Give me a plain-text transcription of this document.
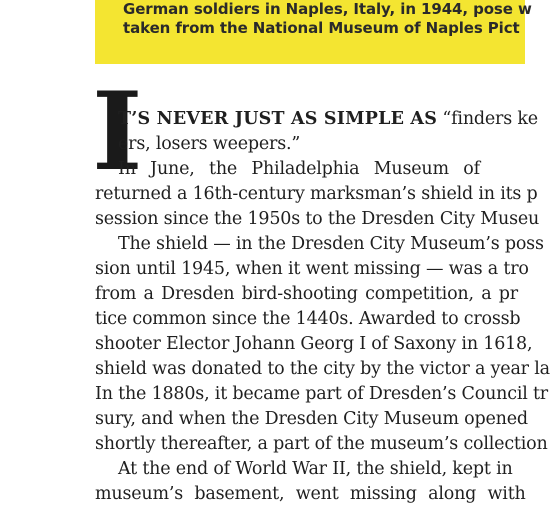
German soldiers in Naples, Italy, in 1944, pose w
taken from the National Museum of Naples Pict
I
T’S NEVER JUST AS SIMPLE AS “finders ke
ers, losers weepers.”
In June, the Philadelphia Museum of
returned a 16th-century marksman’s shield in its p
session since the 1950s to the Dresden City Museu
The shield — in the Dresden City Museum’s poss
sion until 1945, when it went missing — was a tro
from a Dresden bird-shooting competition, a pr
tice common since the 1440s. Awarded to crossb
shooter Elector Johann Georg I of Saxony in 1618,
shield was donated to the city by the victor a year la
In the 1880s, it became part of Dresden’s Council tr
sury, and when the Dresden City Museum opened
shortly thereafter, a part of the museum’s collection
At the end of World War II, the shield, kept in
museum’s basement, went missing along with
